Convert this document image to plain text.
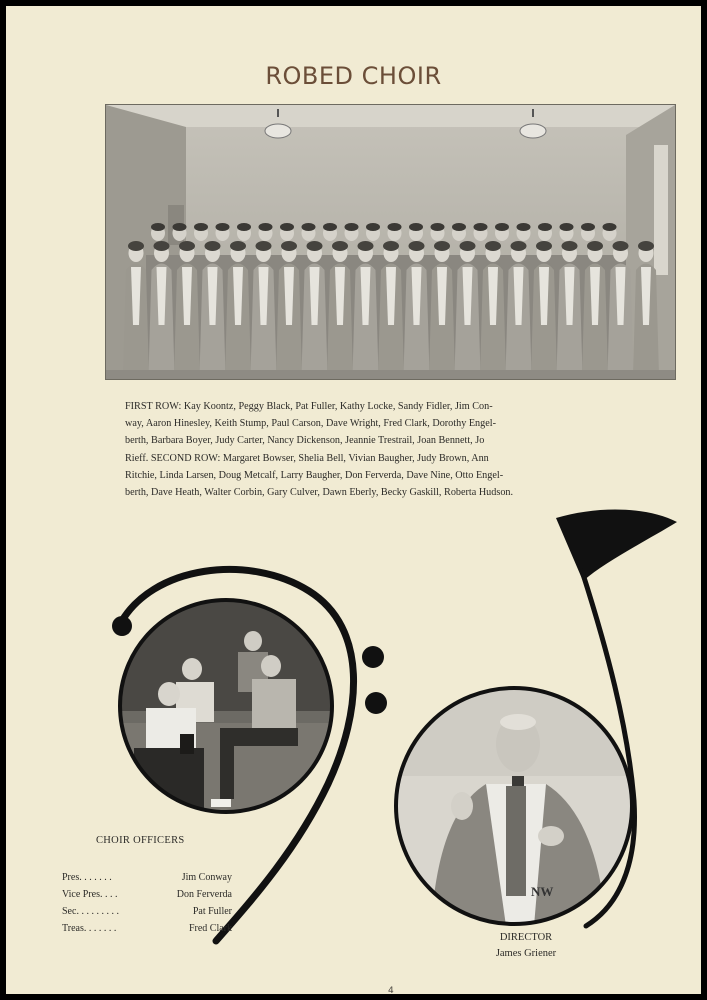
ROBED CHOIR
FIRST ROW: Kay Koontz, Peggy Black, Pat Fuller, Kathy Locke, Sandy Fidler, Jim Con-
way, Aaron Hinesley, Keith Stump, Paul Carson, Dave Wright, Fred Clark, Dorothy Engel-
berth, Barbara Boyer, Judy Carter, Nancy Dickenson, Jeannie Trestrail, Joan Bennett, Jo
Rieff. SECOND ROW: Margaret Bowser, Shelia Bell, Vivian Baugher, Judy Brown, Ann
Ritchie, Linda Larsen, Doug Metcalf, Larry Baugher, Don Ferverda, Dave Nine, Otto Engel-
berth, Dave Heath, Walter Corbin, Gary Culver, Dawn Eberly, Becky Gaskill, Roberta Hudson.
NW
CHOIR OFFICERS
Pres. . . . . . .	Jim Conway
Vice Pres. . . .	Don Ferverda
Sec. . . . . . . . .	Pat Fuller
Treas. . . . . . .	Fred Clark
DIRECTOR
James Griener
4
